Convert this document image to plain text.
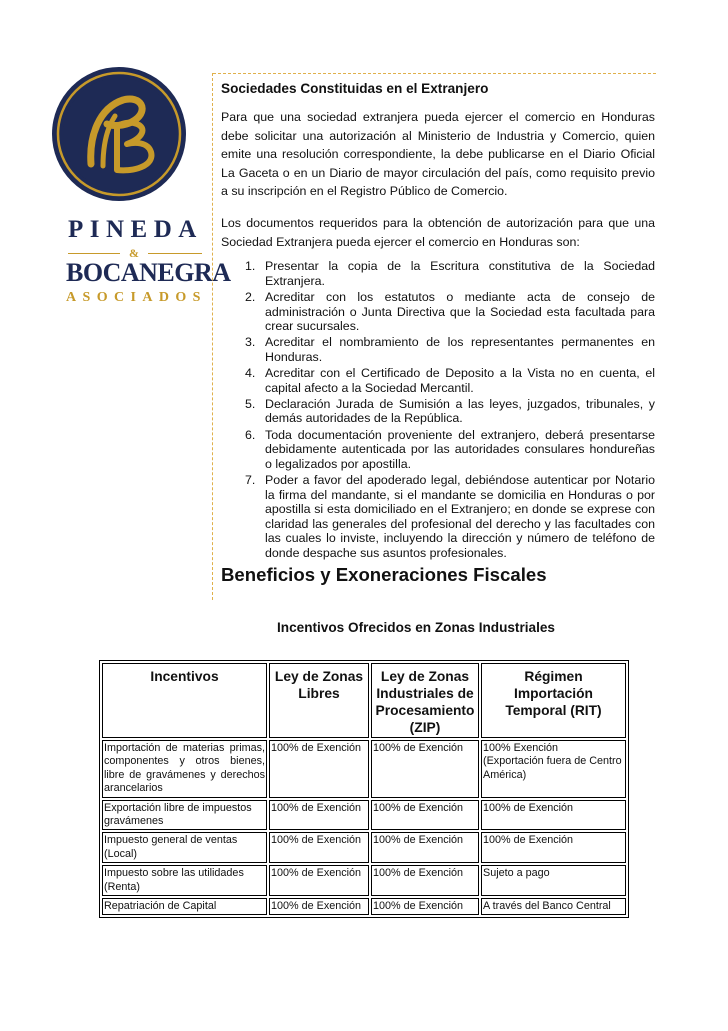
PINEDA
&
BOCANEGRA
ASOCIADOS
Sociedades Constituidas en el Extranjero

Para que una sociedad extranjera pueda ejercer el comercio en Honduras debe solicitar una autorización al Ministerio de Industria y Comercio, quien emite una resolución correspondiente, la debe publicarse en el Diario Oficial La Gaceta o en un Diario de mayor circulación del país, como requisito previo a su inscripción en el Registro Público de Comercio.

Los documentos requeridos para la obtención de autorización para que una Sociedad Extranjera pueda ejercer el comercio en Honduras son:

1. Presentar la copia de la Escritura constitutiva de la Sociedad Extranjera.
2. Acreditar con los estatutos o mediante acta de consejo de administración o Junta Directiva que la Sociedad esta facultada para crear sucursales.
3. Acreditar el nombramiento de los representantes permanentes en Honduras.
4. Acreditar con el Certificado de Deposito a la Vista no en cuenta, el capital afecto a la Sociedad Mercantil.
5. Declaración Jurada de Sumisión a las leyes, juzgados, tribunales, y demás autoridades de la República.
6. Toda documentación proveniente del extranjero, deberá presentarse debidamente autenticada por las autoridades consulares hondureñas o legalizados por apostilla.
7. Poder a favor del apoderado legal, debiéndose autenticar por Notario la firma del mandante, si el mandante se domicilia en Honduras o por apostilla si esta domiciliado en el Extranjero; en donde se exprese con claridad las generales del profesional del derecho y las facultades con las cuales lo inviste, incluyendo la dirección y número de teléfono de donde despache sus asuntos profesionales.
Beneficios y Exoneraciones Fiscales
Incentivos Ofrecidos en Zonas Industriales
Incentivos	Ley de Zonas Libres	Ley de Zonas Industriales de Procesamiento (ZIP)	Régimen Importación Temporal (RIT)
Importación de materias primas, componentes y otros bienes, libre de gravámenes y derechos arancelarios	100% de Exención	100% de Exención	100% Exención
(Exportación fuera de Centro América)

Exportación libre de impuestos gravámenes	100% de Exención	100% de Exención	100% de Exención
Impuesto general de ventas (Local)	100% de Exención	100% de Exención	100% de Exención
Impuesto sobre las utilidades (Renta)	100% de Exención	100% de Exención	Sujeto a pago
Repatriación de Capital	100% de Exención	100% de Exención	A través del Banco Central
